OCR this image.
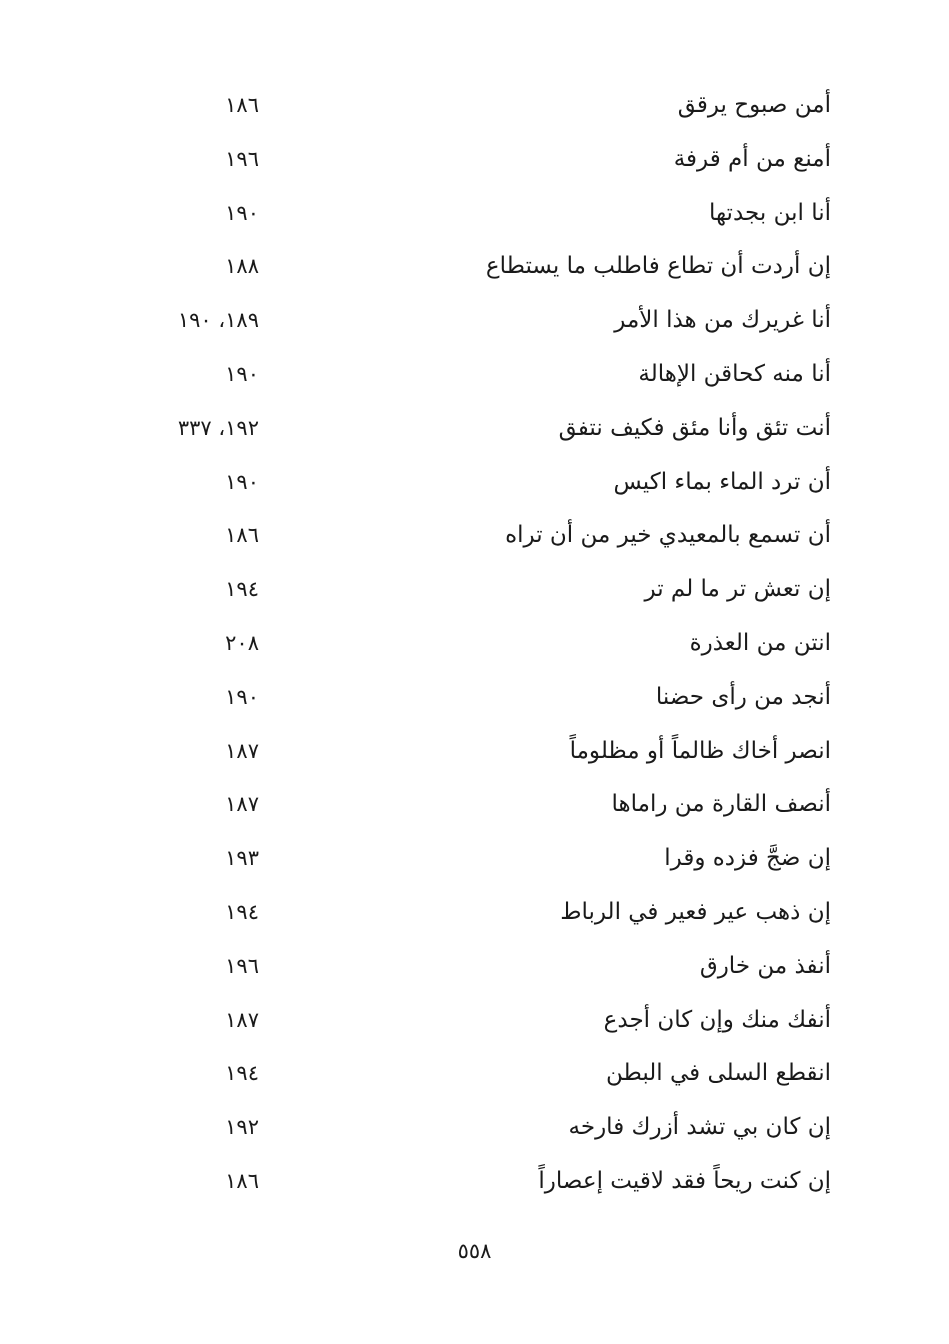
أمن صبوح يرقق
١٨٦
أمنع من أم قرفة
١٩٦
أنا ابن بجدتها
١٩٠
إن أردت أن تطاع فاطلب ما يستطاع
١٨٨
أنا غريرك من هذا الأمر
١٨٩، ١٩٠
أنا منه كحاقن الإهالة
١٩٠
أنت تئق وأنا مئق فكيف نتفق
١٩٢، ٣٣٧
أن ترد الماء بماء اكيس
١٩٠
أن تسمع بالمعيدي خير من أن تراه
١٨٦
إن تعش تر ما لم تر
١٩٤
انتن من العذرة
٢٠٨
أنجد من رأى حضنا
١٩٠
انصر أخاك ظالماً أو مظلوماً
١٨٧
أنصف القارة من راماها
١٨٧
إن ضجَّ فزده وقرا
١٩٣
إن ذهب عير فعير في الرباط
١٩٤
أنفذ من خارق
١٩٦
أنفك منك وإن كان أجدع
١٨٧
انقطع السلى في البطن
١٩٤
إن كان بي تشد أزرك فارخه
١٩٢
إن كنت ريحاً فقد لاقيت إعصاراً
١٨٦
٥٥٨
